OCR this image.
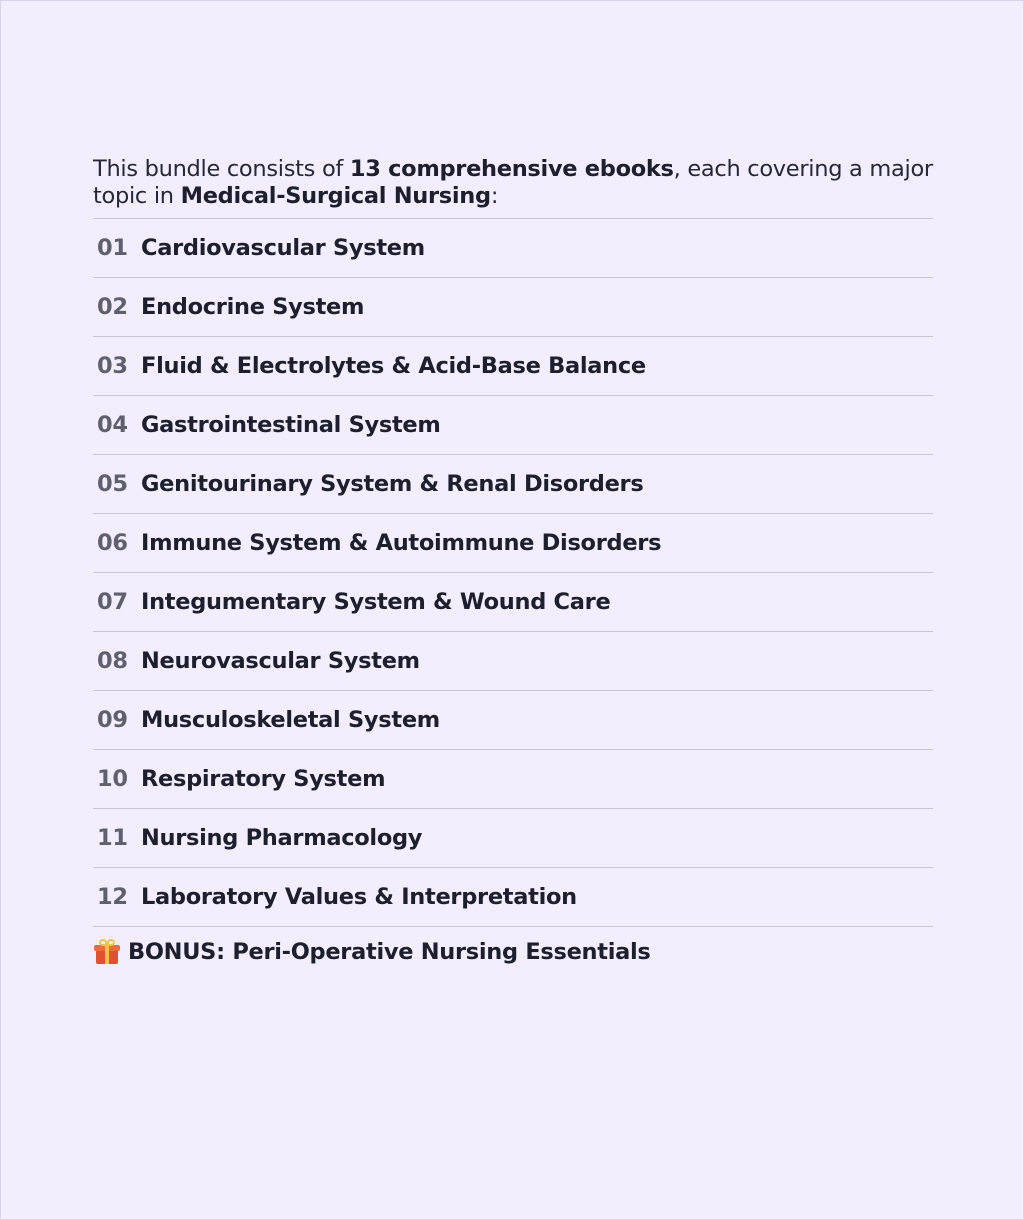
This bundle consists of 13 comprehensive ebooks, each covering a major topic in Medical-Surgical Nursing:

01 Cardiovascular System
02 Endocrine System
03 Fluid & Electrolytes & Acid-Base Balance
04 Gastrointestinal System
05 Genitourinary System & Renal Disorders
06 Immune System & Autoimmune Disorders
07 Integumentary System & Wound Care
08 Neurovascular System
09 Musculoskeletal System
10 Respiratory System
11 Nursing Pharmacology
12 Laboratory Values & Interpretation
BONUS: Peri-Operative Nursing Essentials
